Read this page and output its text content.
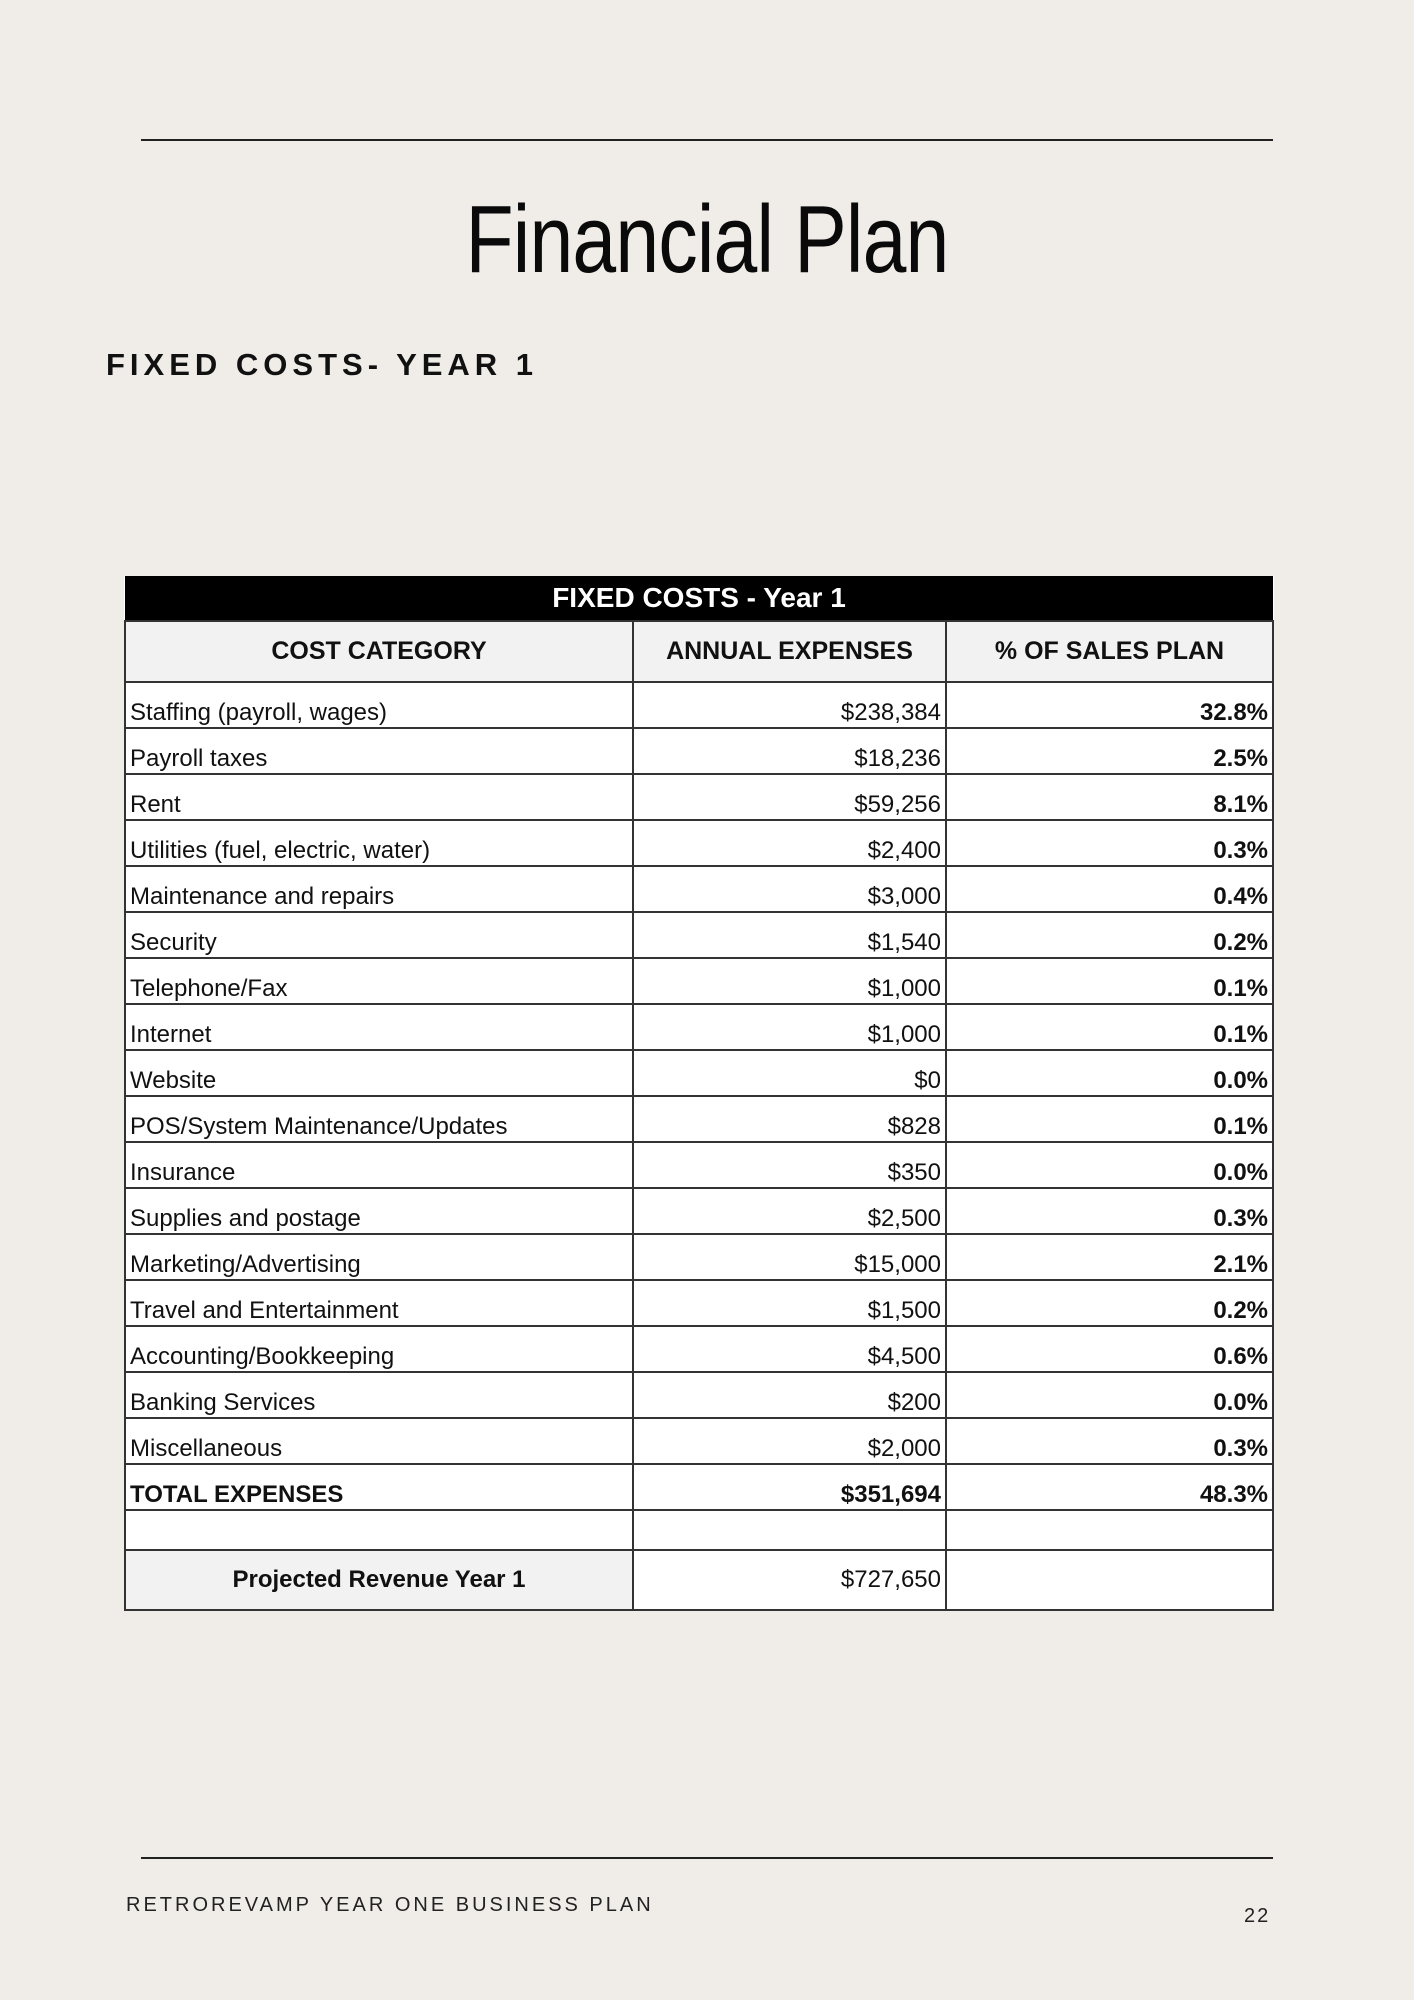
Financial Plan
FIXED COSTS- YEAR 1
FIXED COSTS - Year 1		
COST CATEGORY	ANNUAL EXPENSES	% OF SALES PLAN
Staffing (payroll, wages)	$238,384	32.8%
Payroll taxes	$18,236	2.5%
Rent	$59,256	8.1%
Utilities (fuel, electric, water)	$2,400	0.3%
Maintenance and repairs	$3,000	0.4%
Security	$1,540	0.2%
Telephone/Fax	$1,000	0.1%
Internet	$1,000	0.1%
Website	$0	0.0%
POS/System Maintenance/Updates	$828	0.1%
Insurance	$350	0.0%
Supplies and postage	$2,500	0.3%
Marketing/Advertising	$15,000	2.1%
Travel and Entertainment	$1,500	0.2%
Accounting/Bookkeeping	$4,500	0.6%
Banking Services	$200	0.0%
Miscellaneous	$2,000	0.3%
TOTAL EXPENSES	$351,694	48.3%

Projected Revenue Year 1	$727,650	

RETROREVAMP YEAR ONE BUSINESS PLAN	22
